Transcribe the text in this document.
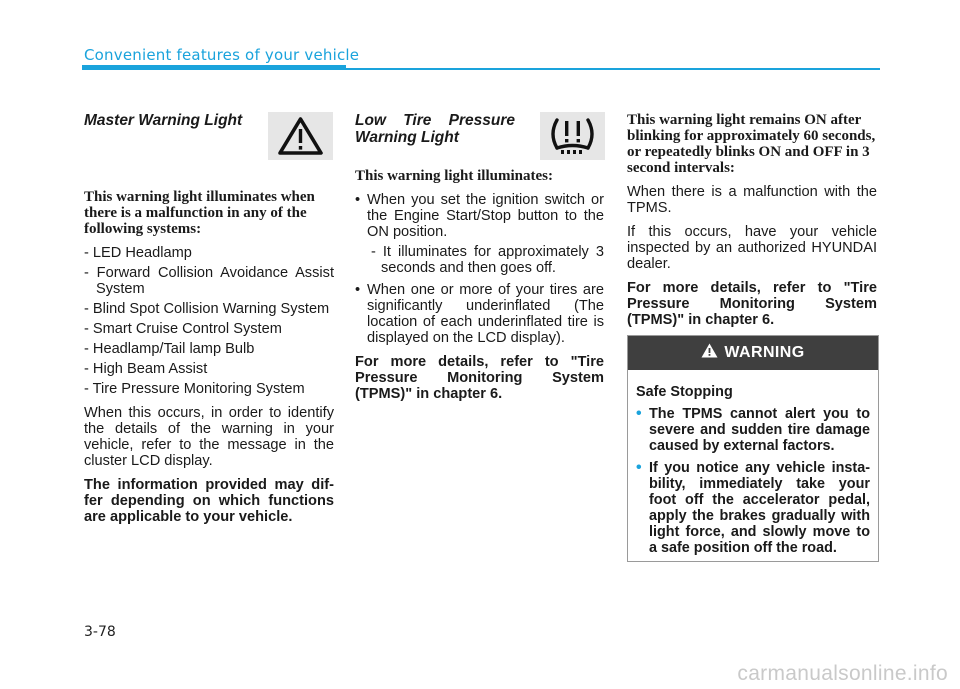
Convenient features of your vehicle

Master Warning Light

This warning light illuminates when there is a malfunction in any of the following systems:

- LED Headlamp
- Forward Collision Avoidance Assist System
- Blind Spot Collision Warning System
- Smart Cruise Control System
- Headlamp/Tail lamp Bulb
- High Beam Assist
- Tire Pressure Monitoring System

When this occurs, in order to identify the details of the warning in your vehicle, refer to the message in the cluster LCD display.

The information provided may dif-fer depending on which functions are applicable to your vehicle.

Low Tire Pressure Warning Light

This warning light illuminates:

• When you set the ignition switch or the Engine Start/Stop button to the ON position.
- It illuminates for approximately 3 seconds and then goes off.
• When one or more of your tires are significantly underinflated (The location of each underinflated tire is displayed on the LCD display).

For more details, refer to "Tire Pressure Monitoring System (TPMS)" in chapter 6.

This warning light remains ON after blinking for approximately 60 seconds, or repeatedly blinks ON and OFF in 3 second intervals:

When there is a malfunction with the TPMS.

If this occurs, have your vehicle inspected by an authorized HYUNDAI dealer.

For more details, refer to "Tire Pressure Monitoring System (TPMS)" in chapter 6.

WARNING

Safe Stopping

• The TPMS cannot alert you to severe and sudden tire damage caused by external factors.
• If you notice any vehicle insta-bility, immediately take your foot off the accelerator pedal, apply the brakes gradually with light force, and slowly move to a safe position off the road.
3-78
carmanualsonline.info
